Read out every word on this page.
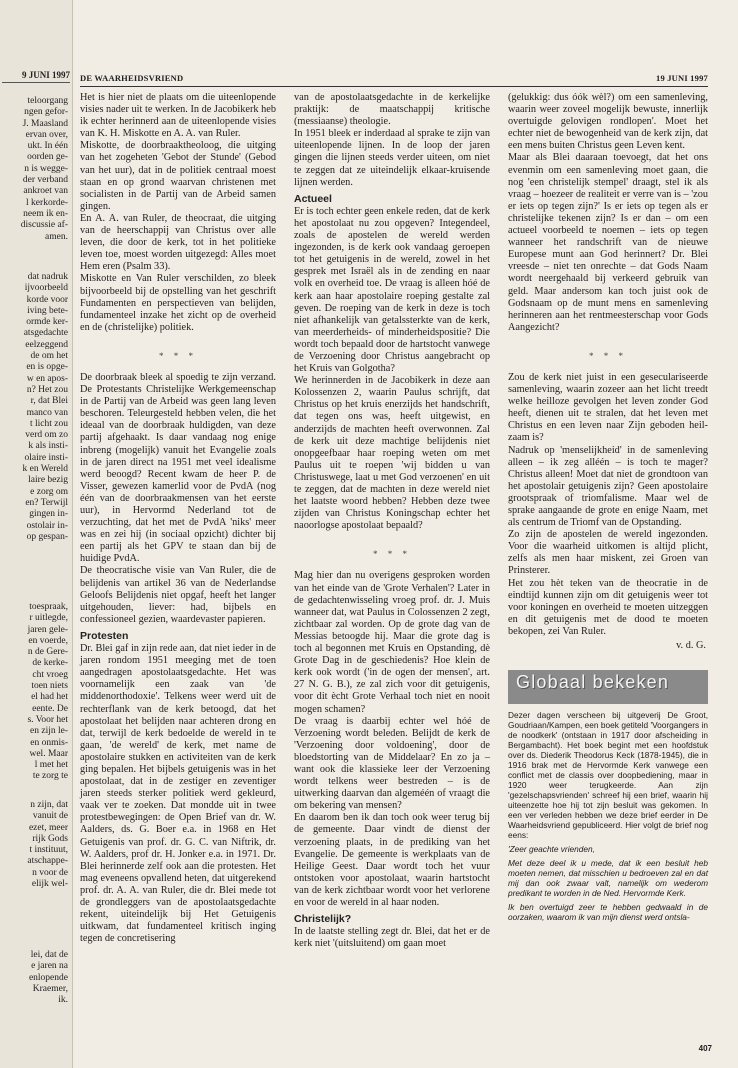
9 JUNI 1997
teloorgang
ngen gefor-
J. Maasland
ervan over,
ukt. In één
oorden ge-
n is wegge-
der verband
ankroet van
l kerkorde-
neem ik en-
discussie af-
amen.
dat nadruk
ijvoorbeeld
korde voor
iving bete-
ormde ker-
atsgedachte
eelzeggend
de om het
en is opge-
w en apos-
n? Het zou
r, dat Blei
manco van
t licht zou
verd om zo
k als insti-
olaire insti-
k en Wereld
laire bezig
e zorg om
en? Terwijl
gingen in-
ostolair in-
op gespan-
toespraak,
r uitlegde,
jaren gele-
en voerde,
n de Gere-
de kerke-
cht vroeg
toen niets
el had het
eente. De
s. Voor het
en zijn le-
en onmis-
wel. Maar
l met het
te zorg te
n zijn, dat
vanuit de
ezet, meer
rijk Gods
t instituut,
atschappe-
n voor de
elijk wel-
lei, dat de
e jaren na
enlopende
Kraemer,
ik.
DE WAARHEIDSVRIEND	19 JUNI 1997

Het is hier niet de plaats om die uiteenlopende visies nader uit te werken. In de Jacobikerk heb ik echter herinnerd aan de uiteenlopende visies van K. H. Miskotte en A. A. van Ruler.

Miskotte, de doorbraaktheoloog, die uitging van het zogeheten 'Gebot der Stunde' (Gebod van het uur), dat in de politiek centraal moest staan en op grond waarvan christenen met socialisten in de Partij van de Arbeid samen gingen.

En A. A. van Ruler, de theocraat, die uitging van de heerschappij van Christus over alle leven, die door de kerk, tot in het politieke leven toe, moest worden uitgezegd: Alles moet Hem eren (Psalm 33).

Miskotte en Van Ruler verschilden, zo bleek bijvoorbeeld bij de opstelling van het geschrift Fundamenten en perspectieven van belijden, fundamenteel inzake het zicht op de overheid en de (christelijke) politiek.

* * *

De doorbraak bleek al spoedig te zijn verzand. De Protestants Christelijke Werkgemeenschap in de Partij van de Arbeid was geen lang leven beschoren. Teleurgesteld hebben velen, die het ideaal van de doorbraak huldigden, van deze partij afgehaakt. Is daar vandaag nog enige inbreng (mogelijk) vanuit het Evangelie zoals in de jaren direct na 1951 met veel idealisme werd beoogd? Recent kwam de heer P. de Visser, gewezen kamerlid voor de PvdA (nog één van de doorbraakmensen van het eerste uur), in Hervormd Nederland tot de verzuchting, dat het met de PvdA 'niks' meer was en zei hij (in sociaal opzicht) dichter bij een partij als het GPV te staan dan bij de huidige PvdA.

De theocratische visie van Van Ruler, die de belijdenis van artikel 36 van de Nederlandse Geloofs Belijdenis niet opgaf, heeft het langer uitgehouden, liever: had, bijbels en confessioneel gezien, waardevaster papieren.

Protesten

Dr. Blei gaf in zijn rede aan, dat niet ieder in de jaren rondom 1951 meeging met de toen aangedragen apostolaatsgedachte. Het was voornamelijk een zaak van 'de middenorthodoxie'. Telkens weer werd uit de rechterflank van de kerk betoogd, dat het apostolaat het belijden naar achteren drong en dat, terwijl de kerk bedoelde de wereld in te gaan, 'de wereld' de kerk, met name de apostolaire stukken en activiteiten van de kerk ging bepalen. Het bijbels getuigenis was in het apostolaat, dat in de zestiger en zeventiger jaren steeds sterker politiek werd gekleurd, vaak ver te zoeken. Dat mondde uit in twee protestbewegingen: de Open Brief van dr. W. Aalders, ds. G. Boer e.a. in 1968 en Het Getuigenis van prof. dr. G. C. van Niftrik, dr. W. Aalders, prof dr. H. Jonker e.a. in 1971. Dr. Blei herinnerde zelf ook aan die protesten. Het mag eveneens opvallend heten, dat uitgerekend prof. dr. A. A. van Ruler, die dr. Blei mede tot de grondleggers van de apostolaatsgedachte rekent, uiteindelijk bij Het Getuigenis uitkwam, dat fundamenteel kritisch inging tegen de concretisering

van de apostolaatsgedachte in de kerkelijke praktijk: de maatschappij kritische (messiaanse) theologie.

In 1951 bleek er inderdaad al sprake te zijn van uiteenlopende lijnen. In de loop der jaren gingen die lijnen steeds verder uiteen, om niet te zeggen dat ze uiteindelijk elkaar-kruisende lijnen werden.

Actueel

Er is toch echter geen enkele reden, dat de kerk het apostolaat nu zou opgeven? Integendeel, zoals de apostelen de wereld werden ingezonden, is de kerk ook vandaag geroepen tot het getuigenis in de wereld, zowel in het gesprek met Israël als in de zending en naar volk en overheid toe. De vraag is alleen hóé de kerk aan haar apostolaire roeping gestalte zal geven. De roeping van de kerk in deze is toch niet afhankelijk van getalssterkte van de kerk, van meerderheids- of minderheidspositie? Die wordt toch bepaald door de hartstocht vanwege de Verzoening door Christus aangebracht op het Kruis van Golgotha?

We herinnerden in de Jacobikerk in deze aan Kolossenzen 2, waarin Paulus schrijft, dat Christus op het kruis enerzijds het handschrift, dat tegen ons was, heeft uitgewist, en anderzijds de machten heeft overwonnen. Zal de kerk uit deze machtige belijdenis niet onopgeefbaar haar roeping weten om met Paulus uit te roepen 'wij bidden u van Christuswege, laat u met God verzoenen' en uit te zeggen, dat de machten in deze wereld niet het laatste woord hebben? Hebben deze twee zijden van Christus Koningschap echter het naoorlogse apostolaat bepaald?

* * *

Mag hier dan nu overigens gesproken worden van het einde van de 'Grote Verhalen'? Later in de gedachtenwisseling vroeg prof. dr. J. Muis wanneer dat, wat Paulus in Colossenzen 2 zegt, zichtbaar zal worden. Op de grote dag van de Messias betoogde hij. Maar die grote dag is toch al begonnen met Kruis en Opstanding, dè Grote Dag in de geschiedenis? Hoe klein de kerk ook wordt ('in de ogen der mensen', art. 27 N. G. B.), ze zal zich voor dit getuigenis, voor dit ècht Grote Verhaal toch niet en nooit mogen schamen?

De vraag is daarbij echter wel hóé de Verzoening wordt beleden. Belijdt de kerk de 'Verzoening door voldoening', door de bloedstorting van de Middelaar? En zo ja – want ook die klassieke leer der Verzoening wordt telkens weer bestreden – is de uitwerking daarvan dan algeméén of vraagt die om bekering van mensen?

En daarom ben ik dan toch ook weer terug bij de gemeente. Daar vindt de dienst der verzoening plaats, in de prediking van het Evangelie. De gemeente is werkplaats van de Heilige Geest. Daar wordt toch het vuur ontstoken voor apostolaat, waarin hartstocht van de kerk zichtbaar wordt voor het verlorene en voor de wereld in al haar noden.

Christelijk?

In de laatste stelling zegt dr. Blei, dat het er de kerk niet '(uitsluitend) om gaan moet

(gelukkig: dus óók wèl?) om een samenleving, waarin weer zoveel mogelijk bewuste, innerlijk overtuigde gelovigen rondlopen'. Moet het echter niet de bewogenheid van de kerk zijn, dat een mens buiten Christus geen Leven kent.

Maar als Blei daaraan toevoegt, dat het ons evenmin om een samenleving moet gaan, die nog 'een christelijk stempel' draagt, stel ik als vraag – hoezeer de realiteit er verre van is – 'zou er iets op tegen zijn?' Is er iets op tegen als er christelijke tekenen zijn? Is er dan – om een actueel voorbeeld te noemen – iets op tegen wanneer het randschrift van de nieuwe Europese munt aan God herinnert? Dr. Blei vreesde – niet ten onrechte – dat Gods Naam wordt neergehaald bij verkeerd gebruik van geld. Maar andersom kan toch juist ook de Godsnaam op de munt mens en samenleving herinneren aan het rentmeesterschap voor Gods Aangezicht?

* * *

Zou de kerk niet juist in een geseculariseerde samenleving, waarin zozeer aan het licht treedt welke heilloze gevolgen het leven zonder God heeft, dienen uit te stralen, dat het leven met Christus en een leven naar Zijn geboden heil-zaam is?

Nadruk op 'menselijkheid' in de samenleving alleen – ik zeg alléén – is toch te mager? Christus alleen! Moet dat niet de grondtoon van het apostolair getuigenis zijn? Geen apostolaire grootspraak of triomfalisme. Maar wel de sprake aangaande de grote en enige Naam, met als centrum de Triomf van de Opstanding.

Zo zijn de apostelen de wereld ingezonden. Voor die waarheid uitkomen is altijd plicht, zelfs als men haar miskent, zei Groen van Prinsterer.

Het zou hèt teken van de theocratie in de eindtijd kunnen zijn om dit getuigenis weer tot voor koningen en overheid te moeten uitzeggen en dit getuigenis met de dood te moeten bekopen, zei Van Ruler.

v. d. G.
Globaal bekeken

Dezer dagen verscheen bij uitgeverij De Groot, Goudriaan/Kampen, een boek getiteld 'Voorgangers in de noodkerk' (ontstaan in 1917 door afscheiding in Bergambacht). Het boek begint met een hoofdstuk over ds. Diederik Theodorus Keck (1878-1945), die in 1916 brak met de Hervormde Kerk vanwege een conflict met de classis over doopbediening, maar in 1920 weer terugkeerde. Aan zijn 'gezelschapsvrienden' schreef hij een brief, waarin hij uiteenzette hoe hij tot zijn besluit was gekomen. In een ver verleden hebben we deze brief eerder in De Waarheidsvriend gepubliceerd. Hier volgt de brief nog eens:

'Zeer geachte vrienden,

Met deze deel ik u mede, dat ik een besluit heb moeten nemen, dat misschien u bedroeven zal en dat mij dan ook zwaar valt, namelijk om wederom predikant te worden in de Ned. Hervormde Kerk.

Ik ben overtuigd zeer te hebben gedwaald in de oorzaken, waarom ik van mijn dienst werd ontsla-

407
